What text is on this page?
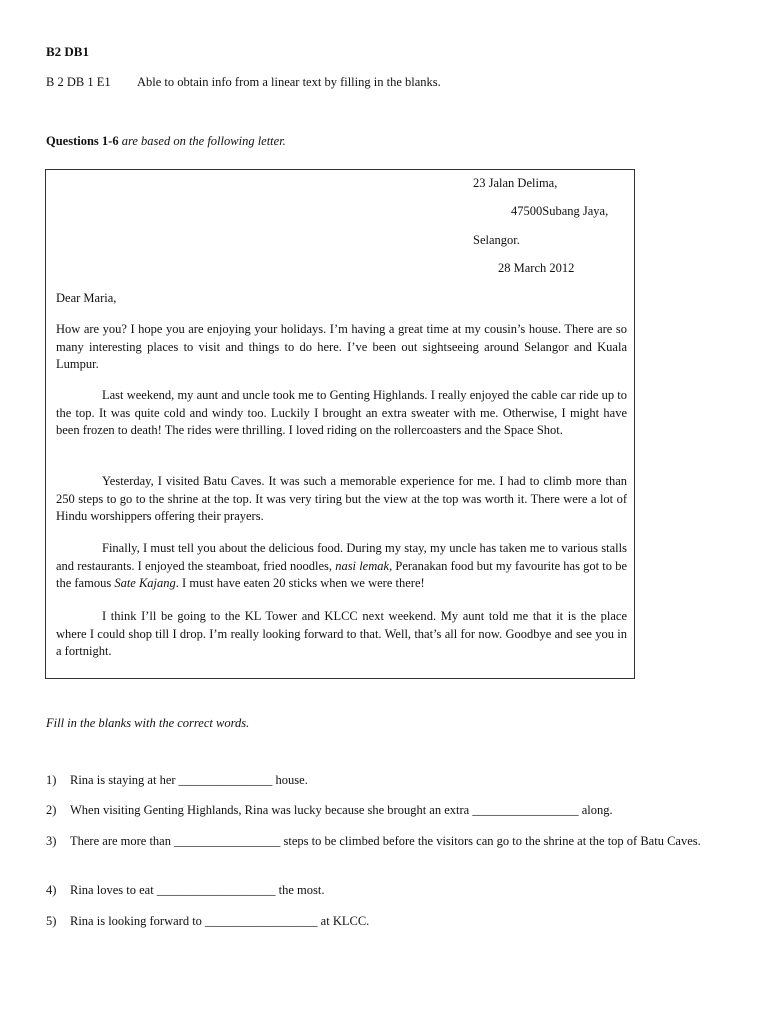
B2 DB1
B 2 DB 1 E1 Able to obtain info from a linear text by filling in the blanks.
Questions 1-6 are based on the following letter.
23 Jalan Delima,
47500Subang Jaya,
Selangor.
28 March 2012
Dear Maria,

How are you? I hope you are enjoying your holidays. I’m having a great time at my cousin’s house. There are so many interesting places to visit and things to do here. I’ve been out sightseeing around Selangor and Kuala Lumpur.

Last weekend, my aunt and uncle took me to Genting Highlands. I really enjoyed the cable car ride up to the top. It was quite cold and windy too. Luckily I brought an extra sweater with me. Otherwise, I might have been frozen to death! The rides were thrilling. I loved riding on the rollercoasters and the Space Shot.

Yesterday, I visited Batu Caves. It was such a memorable experience for me. I had to climb more than 250 steps to go to the shrine at the top. It was very tiring but the view at the top was worth it. There were a lot of Hindu worshippers offering their prayers.

Finally, I must tell you about the delicious food. During my stay, my uncle has taken me to various stalls and restaurants. I enjoyed the steamboat, fried noodles, nasi lemak, Peranakan food but my favourite has got to be the famous Sate Kajang. I must have eaten 20 sticks when we were there!

I think I’ll be going to the KL Tower and KLCC next weekend. My aunt told me that it is the place where I could shop till I drop. I’m really looking forward to that. Well, that’s all for now. Goodbye and see you in a fortnight.

Fill in the blanks with the correct words.
1) Rina is staying at her _______________ house.
2) When visiting Genting Highlands, Rina was lucky because she brought an extra _________________ along.
3) There are more than _________________ steps to be climbed before the visitors can go to the shrine at the top of Batu Caves.
4) Rina loves to eat ___________________ the most.
5) Rina is looking forward to __________________ at KLCC.
